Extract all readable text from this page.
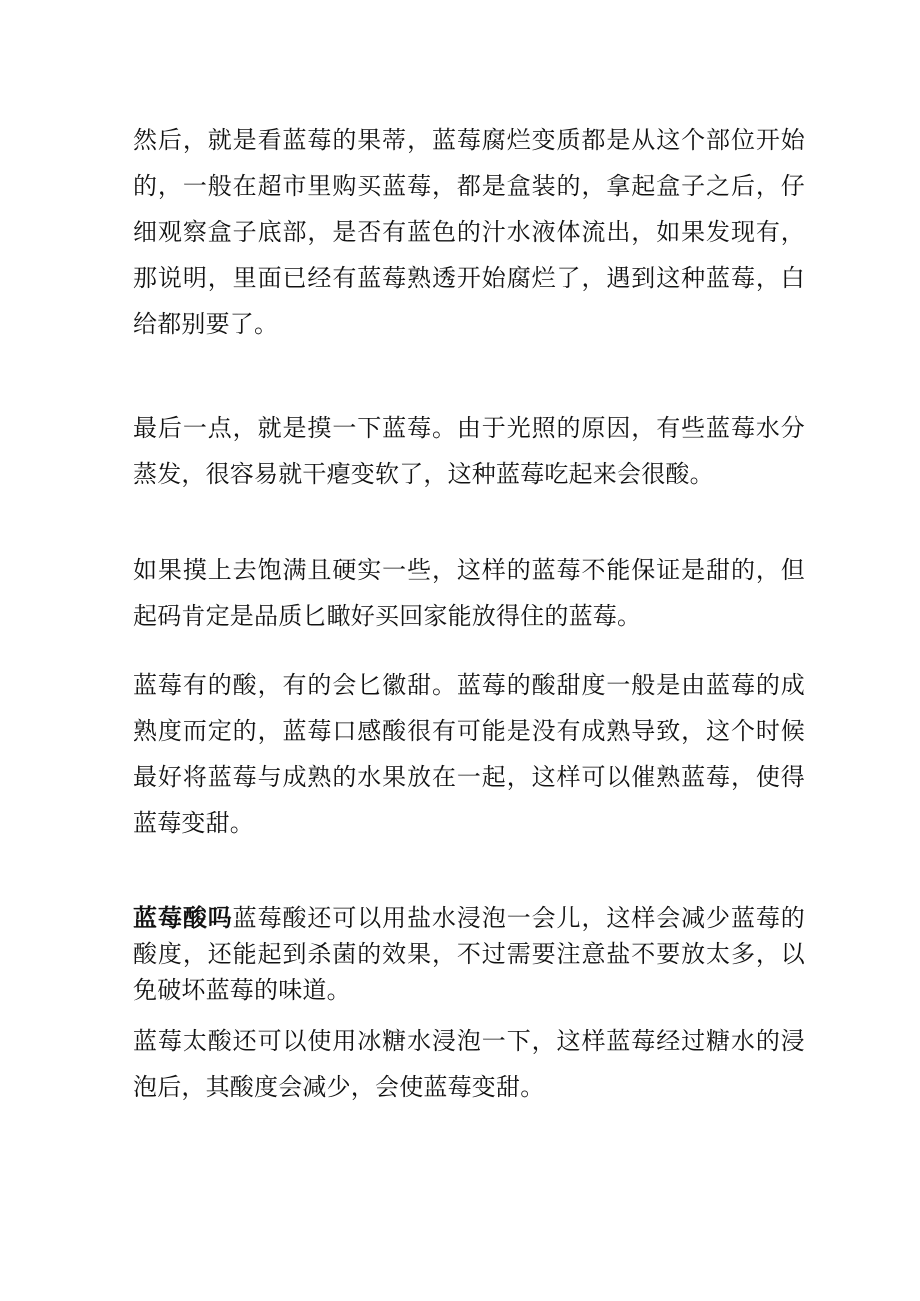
然后，就是看蓝莓的果蒂，蓝莓腐烂变质都是从这个部位开始的，一般在超市里购买蓝莓，都是盒装的，拿起盒子之后，仔细观察盒子底部，是否有蓝色的汁水液体流出，如果发现有，那说明，里面已经有蓝莓熟透开始腐烂了，遇到这种蓝莓，白给都别要了。

最后一点，就是摸一下蓝莓。由于光照的原因，有些蓝莓水分蒸发，很容易就干瘪变软了，这种蓝莓吃起来会很酸。

如果摸上去饱满且硬实一些，这样的蓝莓不能保证是甜的，但起码肯定是品质匕瞰好买回家能放得住的蓝莓。

蓝莓有的酸，有的会匕徽甜。蓝莓的酸甜度一般是由蓝莓的成熟度而定的，蓝莓口感酸很有可能是没有成熟导致，这个时候最好将蓝莓与成熟的水果放在一起，这样可以催熟蓝莓，使得蓝莓变甜。

蓝莓酸吗蓝莓酸还可以用盐水浸泡一会儿，这样会减少蓝莓的酸度，还能起到杀菌的效果，不过需要注意盐不要放太多，以免破坏蓝莓的味道。

蓝莓太酸还可以使用冰糖水浸泡一下，这样蓝莓经过糖水的浸泡后，其酸度会减少，会使蓝莓变甜。
